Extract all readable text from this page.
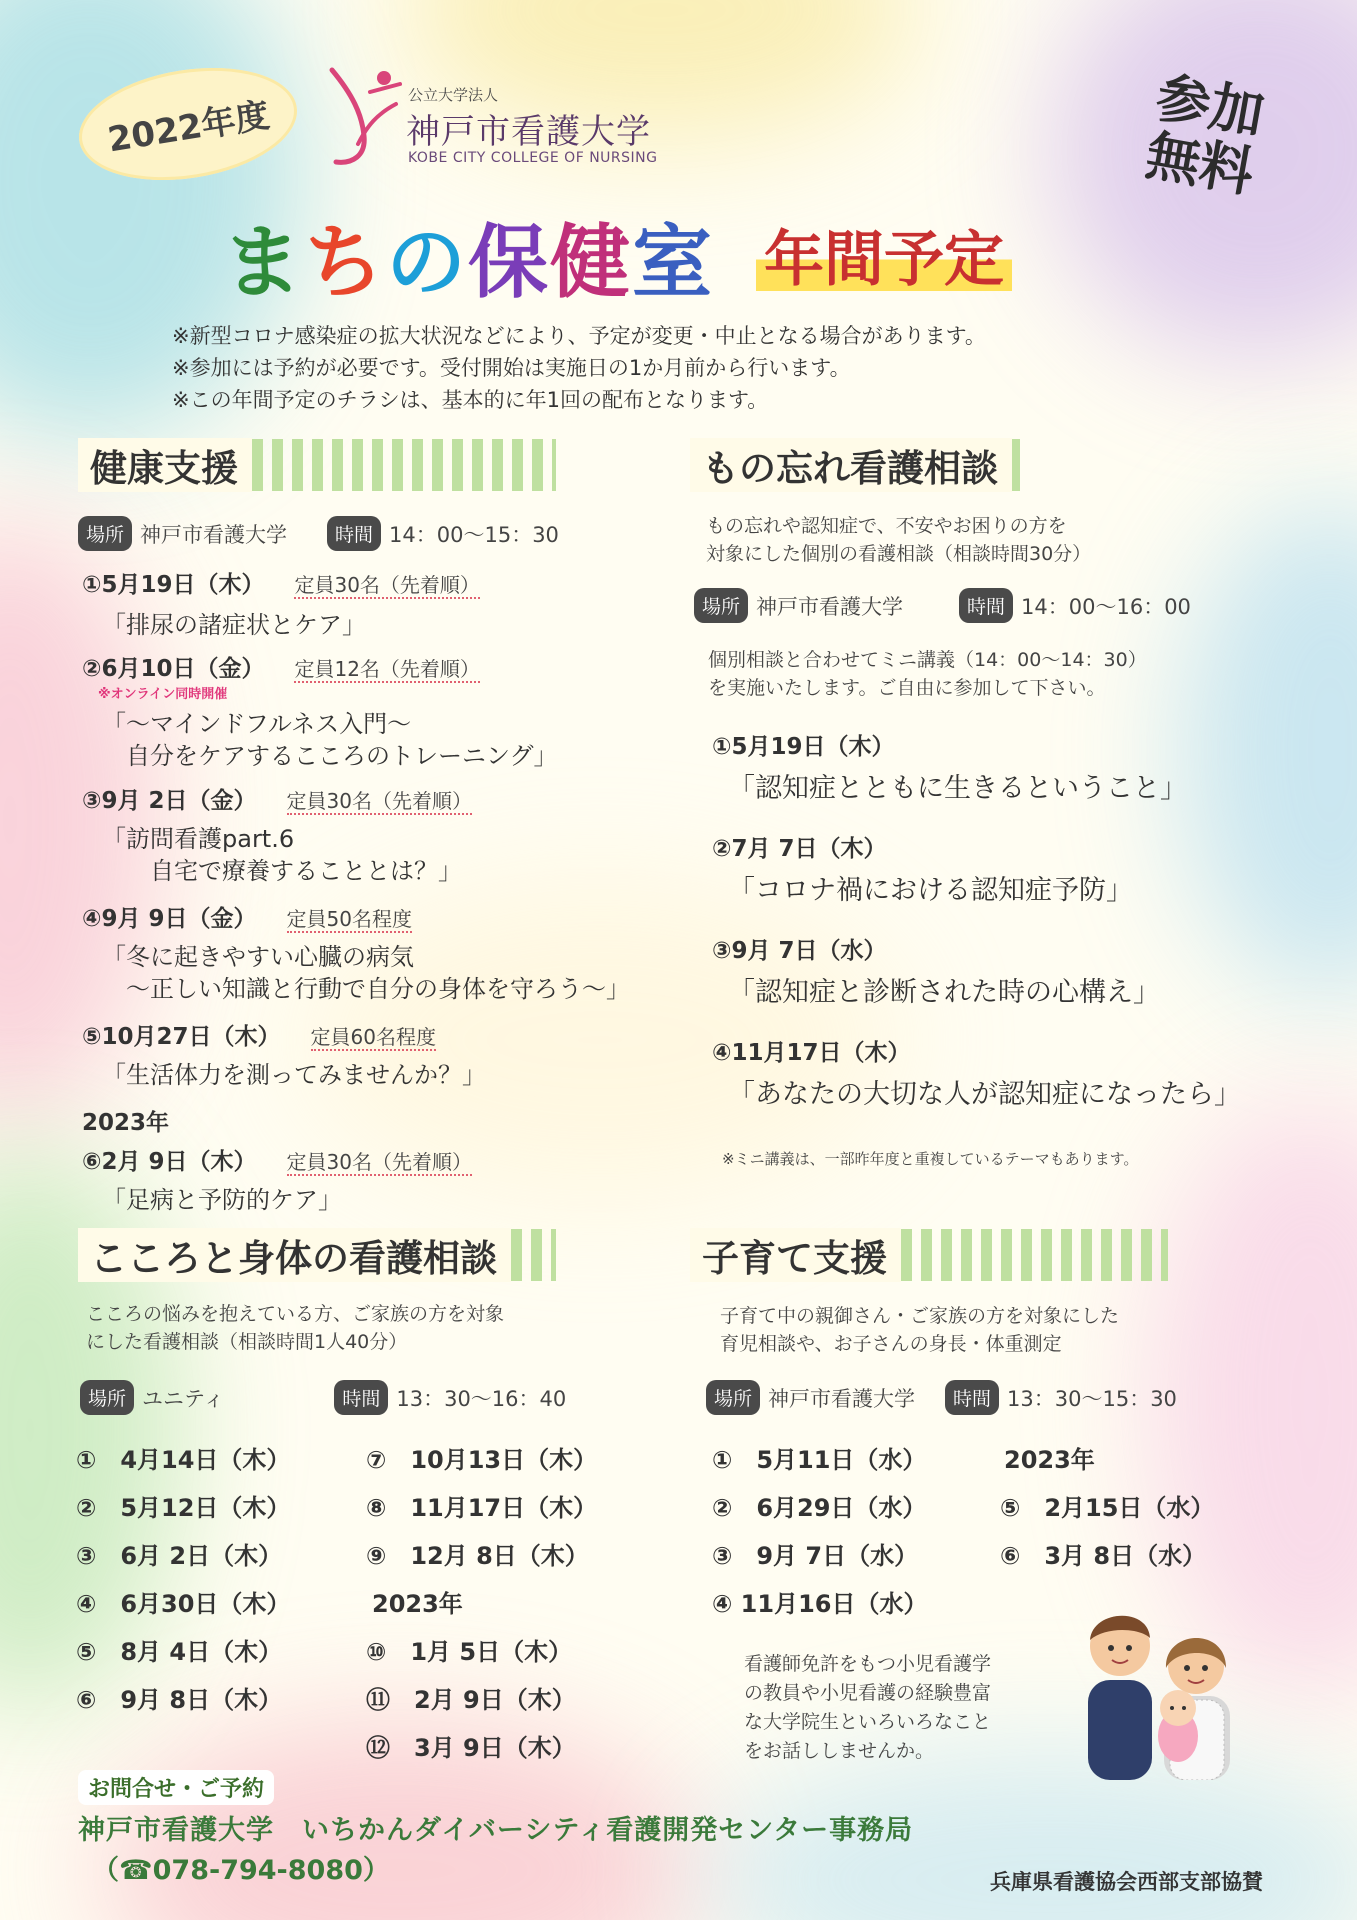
2022年度	公立大学法人
神戸市看護大学
KOBE CITY COLLEGE OF NURSING
参加
無料
まちの保健室 年間予定
※新型コロナ感染症の拡大状況などにより、予定が変更・中止となる場合があります。
※参加には予約が必要です。受付開始は実施日の1か月前から行います。
※この年間予定のチラシは、基本的に年1回の配布となります。
健康支援
場所 神戸市看護大学	時間 14：00～15：30
①5月19日（木） 定員30名（先着順）
「排尿の諸症状とケア」
②6月10日（金） 定員12名（先着順）
※オンライン同時開催
「～マインドフルネス入門～
　自分をケアするこころのトレーニング」
③9月 2日（金） 定員30名（先着順）
「訪問看護part.6
　　自宅で療養することとは？」
④9月 9日（金） 定員50名程度
「冬に起きやすい心臓の病気
　～正しい知識と行動で自分の身体を守ろう～」
⑤10月27日（木） 定員60名程度
「生活体力を測ってみませんか？」
2023年
⑥2月 9日（木） 定員30名（先着順）
「足病と予防的ケア」
もの忘れ看護相談
もの忘れや認知症で、不安やお困りの方を
対象にした個別の看護相談（相談時間30分）
場所 神戸市看護大学	時間 14：00～16：00
個別相談と合わせてミニ講義（14：00～14：30）
を実施いたします。ご自由に参加して下さい。
①5月19日（木）
「認知症とともに生きるということ」
②7月 7日（木）
「コロナ禍における認知症予防」
③9月 7日（水）
「認知症と診断された時の心構え」
④11月17日（木）
「あなたの大切な人が認知症になったら」
※ミニ講義は、一部昨年度と重複しているテーマもあります。
こころと身体の看護相談
こころの悩みを抱えている方、ご家族の方を対象
にした看護相談（相談時間1人40分）
場所 ユニティ	時間 13：30～16：40
①　4月14日（木）
②　5月12日（木）
③　6月 2日（木）
④　6月30日（木）
⑤　8月 4日（木）
⑥　9月 8日（木）
⑦　10月13日（木）
⑧　11月17日（木）
⑨　12月 8日（木）
2023年
⑩　1月 5日（木）
⑪　2月 9日（木）
⑫　3月 9日（木）
子育て支援
子育て中の親御さん・ご家族の方を対象にした
育児相談や、お子さんの身長・体重測定
場所 神戸市看護大学	時間 13：30～15：30
①　5月11日（水）
②　6月29日（水）
③　9月 7日（水）
④ 11月16日（水）
2023年
⑤　2月15日（水）
⑥　3月 8日（水）
看護師免許をもつ小児看護学
の教員や小児看護の経験豊富
な大学院生といろいろなこと
をお話ししませんか。
お問合せ・ご予約
神戸市看護大学　いちかんダイバーシティ看護開発センター事務局
（☎078-794-8080）	兵庫県看護協会西部支部協賛
